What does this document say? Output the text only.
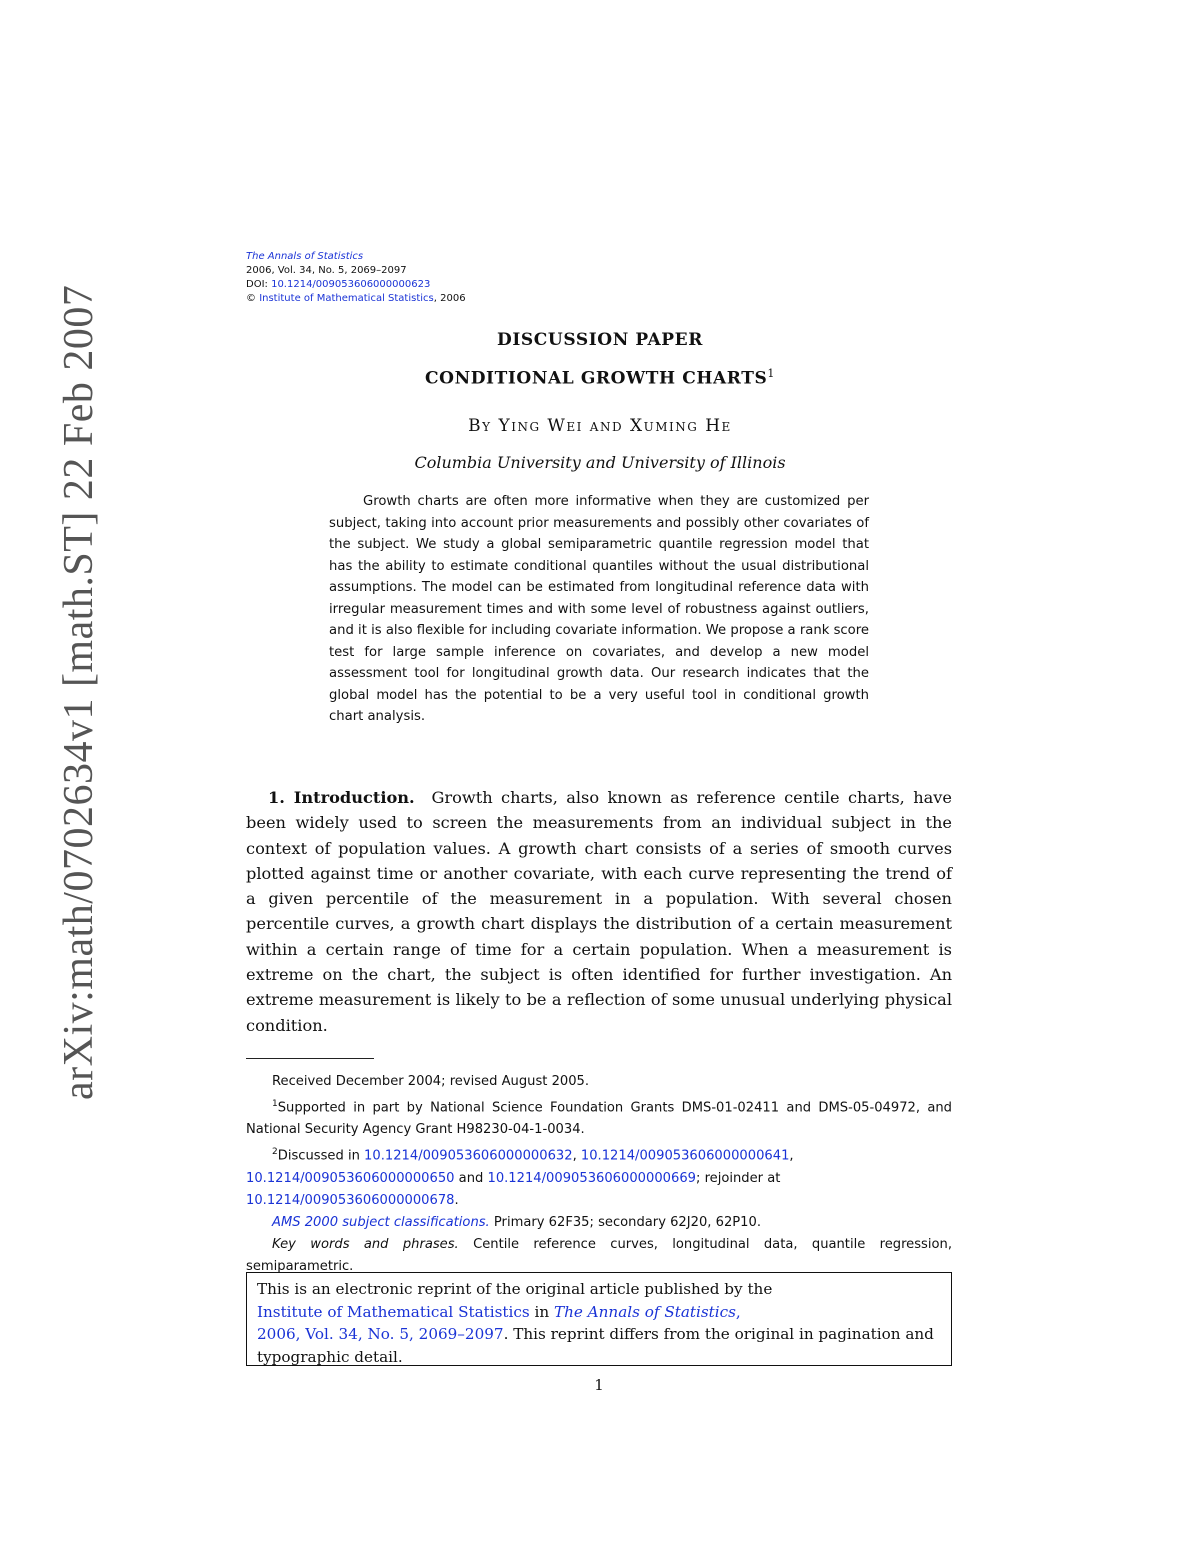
arXiv:math/0702634v1 [math.ST] 22 Feb 2007
The Annals of Statistics
2006, Vol. 34, No. 5, 2069–2097
DOI: 10.1214/009053606000000623
© Institute of Mathematical Statistics, 2006
DISCUSSION PAPER
CONDITIONAL GROWTH CHARTS$^1$
By Ying Wei and Xuming He
Columbia University and University of Illinois
Growth charts are often more informative when they are customized per subject, taking into account prior measurements and possibly other covariates of the subject. We study a global semiparametric quantile regression model that has the ability to estimate conditional quantiles without the usual distributional assumptions. The model can be estimated from longitudinal reference data with irregular measurement times and with some level of robustness against outliers, and it is also flexible for including covariate information. We propose a rank score test for large sample inference on covariates, and develop a new model assessment tool for longitudinal growth data. Our research indicates that the global model has the potential to be a very useful tool in conditional growth chart analysis.
1. Introduction. Growth charts, also known as reference centile charts, have been widely used to screen the measurements from an individual subject in the context of population values. A growth chart consists of a series of smooth curves plotted against time or another covariate, with each curve representing the trend of a given percentile of the measurement in a population. With several chosen percentile curves, a growth chart displays the distribution of a certain measurement within a certain range of time for a certain population. When a measurement is extreme on the chart, the subject is often identified for further investigation. An extreme measurement is likely to be a reflection of some unusual underlying physical condition.

Received December 2004; revised August 2005.

$^1$Supported in part by National Science Foundation Grants DMS-01-02411 and DMS-05-04972, and National Security Agency Grant H98230-04-1-0034.

$^2$Discussed in 10.1214/009053606000000632, 10.1214/009053606000000641,
10.1214/009053606000000650 and 10.1214/009053606000000669; rejoinder at
10.1214/009053606000000678.

AMS 2000 subject classifications. Primary 62F35; secondary 62J20, 62P10.

Key words and phrases. Centile reference curves, longitudinal data, quantile regression, semiparametric.

This is an electronic reprint of the original article published by the
Institute of Mathematical Statistics in The Annals of Statistics,
2006, Vol. 34, No. 5, 2069–2097. This reprint differs from the original in pagination and typographic detail.
1
